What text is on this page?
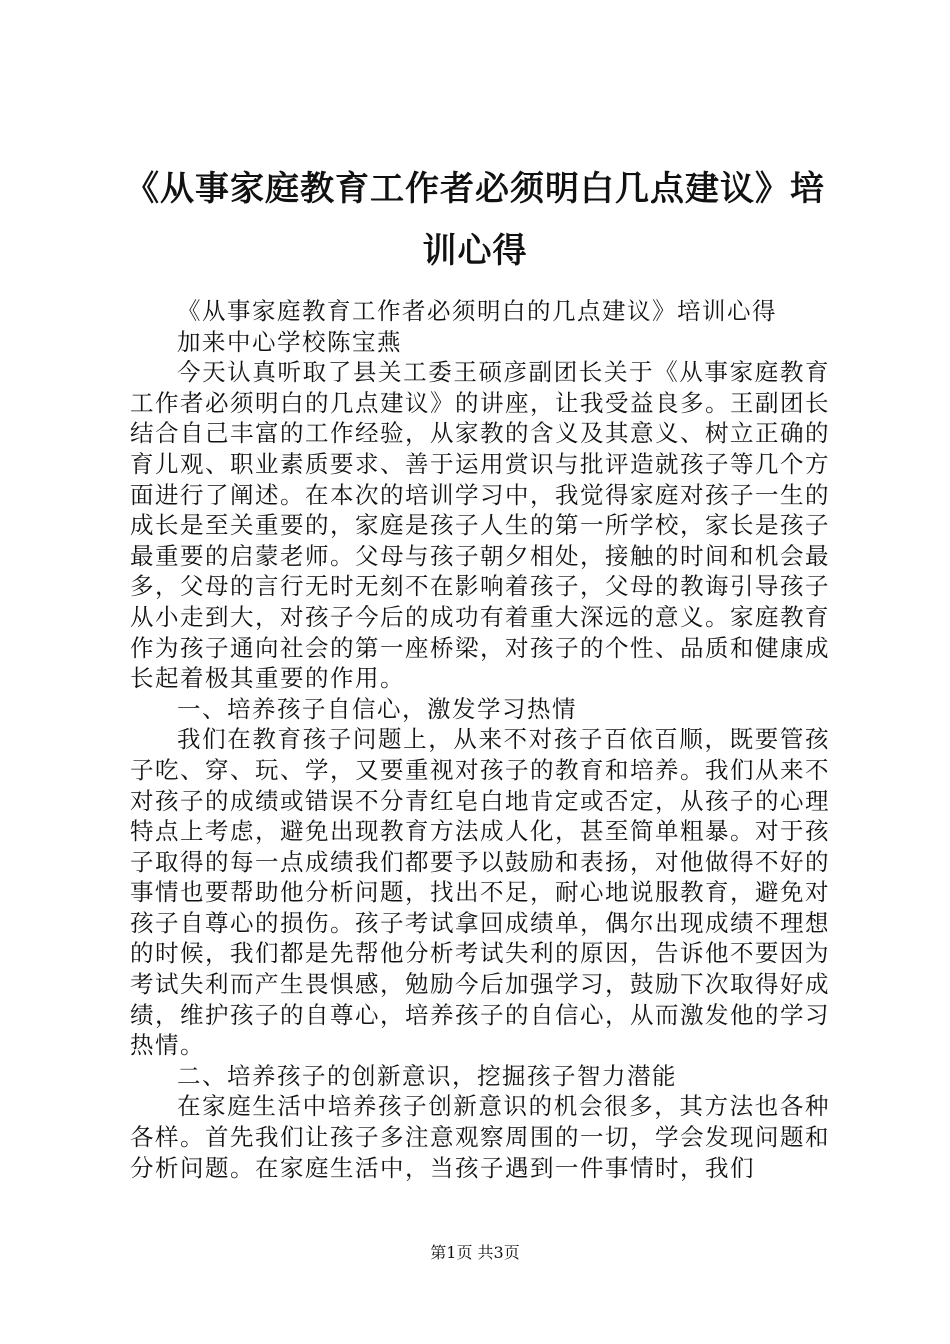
《从事家庭教育工作者必须明白几点建议》培训心得

《从事家庭教育工作者必须明白的几点建议》培训心得

加来中心学校陈宝燕

今天认真听取了县关工委王硕彦副团长关于《从事家庭教育工作者必须明白的几点建议》的讲座，让我受益良多。王副团长结合自己丰富的工作经验，从家教的含义及其意义、树立正确的育儿观、职业素质要求、善于运用赏识与批评造就孩子等几个方面进行了阐述。在本次的培训学习中，我觉得家庭对孩子一生的成长是至关重要的，家庭是孩子人生的第一所学校，家长是孩子最重要的启蒙老师。父母与孩子朝夕相处，接触的时间和机会最多，父母的言行无时无刻不在影响着孩子，父母的教诲引导孩子从小走到大，对孩子今后的成功有着重大深远的意义。家庭教育作为孩子通向社会的第一座桥梁，对孩子的个性、品质和健康成长起着极其重要的作用。

一、培养孩子自信心，激发学习热情

我们在教育孩子问题上，从来不对孩子百依百顺，既要管孩子吃、穿、玩、学，又要重视对孩子的教育和培养。我们从来不对孩子的成绩或错误不分青红皂白地肯定或否定，从孩子的心理特点上考虑，避免出现教育方法成人化，甚至简单粗暴。对于孩子取得的每一点成绩我们都要予以鼓励和表扬，对他做得不好的事情也要帮助他分析问题，找出不足，耐心地说服教育，避免对孩子自尊心的损伤。孩子考试拿回成绩单，偶尔出现成绩不理想的时候，我们都是先帮他分析考试失利的原因，告诉他不要因为考试失利而产生畏惧感，勉励今后加强学习，鼓励下次取得好成绩，维护孩子的自尊心，培养孩子的自信心，从而激发他的学习热情。

二、培养孩子的创新意识，挖掘孩子智力潜能

在家庭生活中培养孩子创新意识的机会很多，其方法也各种各样。首先我们让孩子多注意观察周围的一切，学会发现问题和分析问题。在家庭生活中，当孩子遇到一件事情时，我们

第1页 共3页
